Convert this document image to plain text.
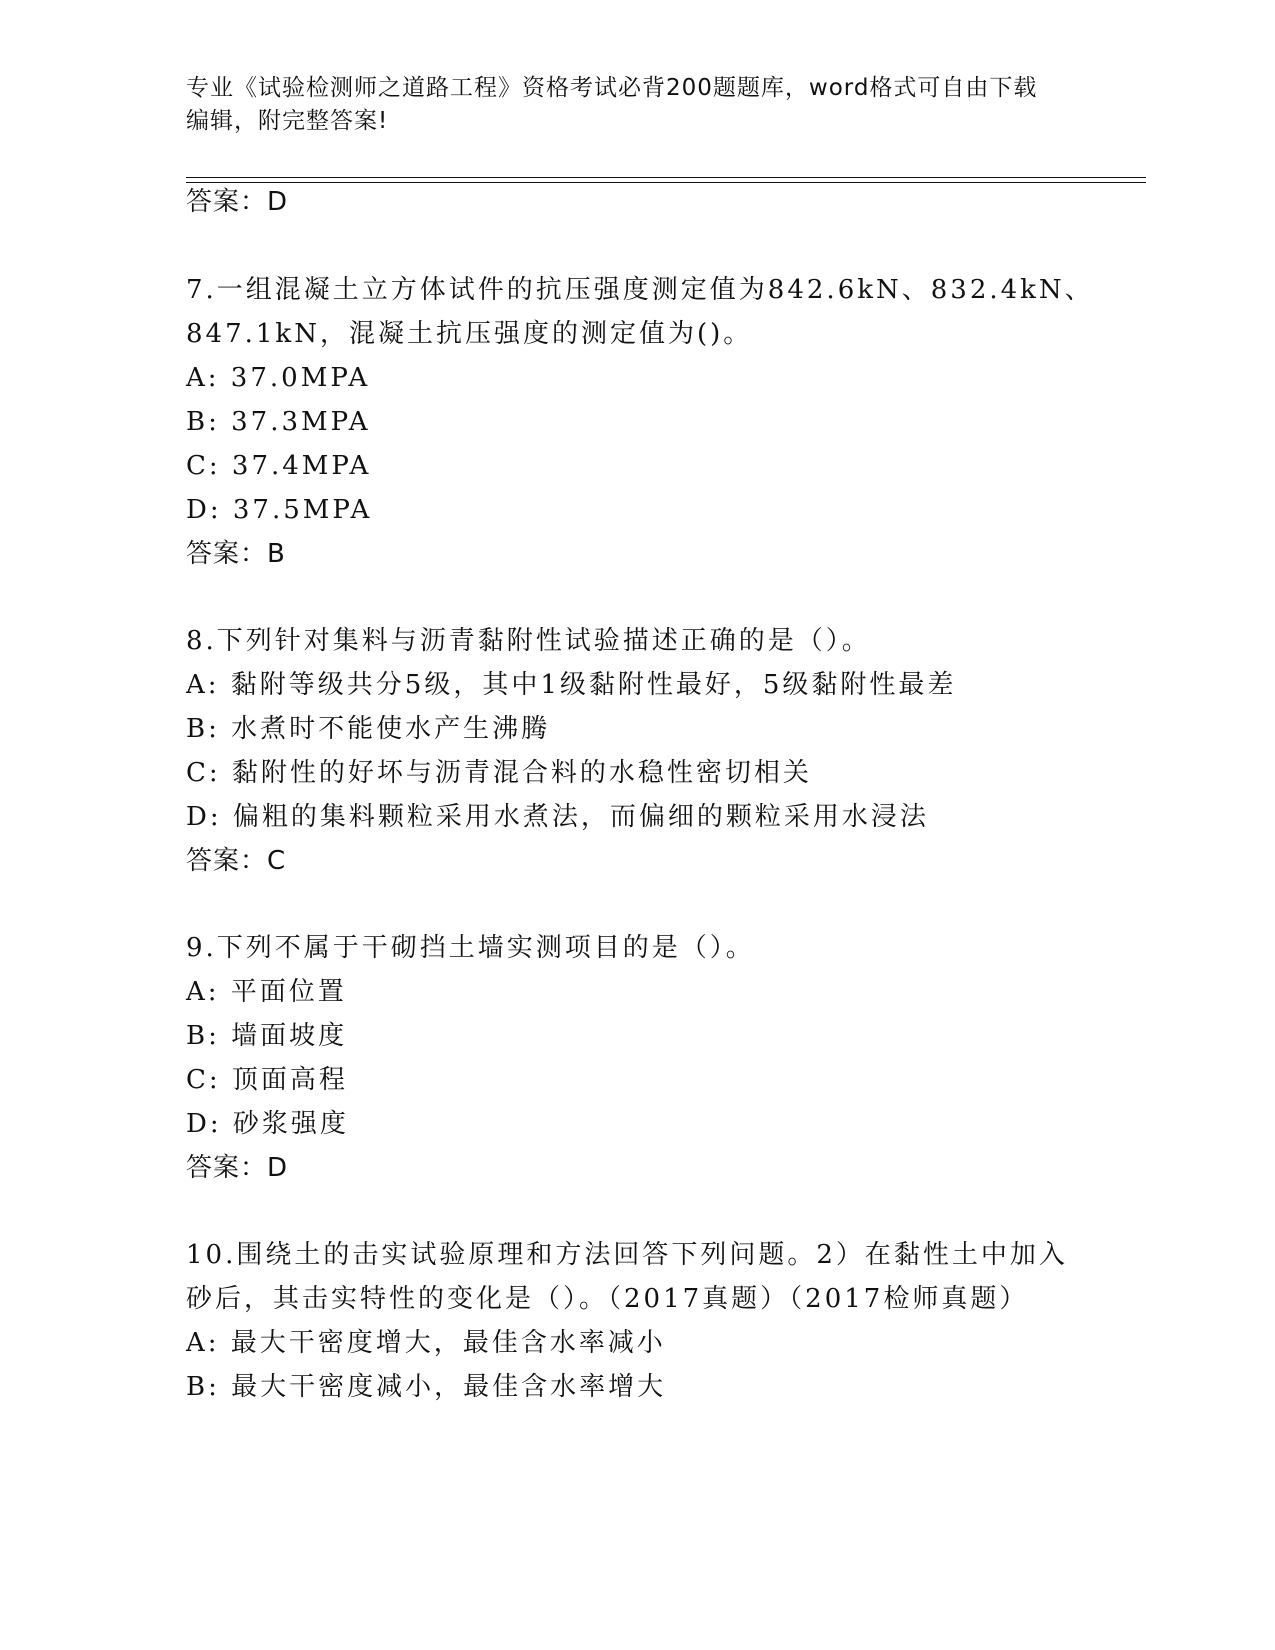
专业《试验检测师之道路工程》资格考试必背200题题库，word格式可自由下载
编辑，附完整答案!
答案：D
7.一组混凝土立方体试件的抗压强度测定值为842.6kN、832.4kN、
847.1kN，混凝土抗压强度的测定值为()。
A: 37.0MPA
B: 37.3MPA
C: 37.4MPA
D: 37.5MPA
答案：B
8.下列针对集料与沥青黏附性试验描述正确的是（）。
A: 黏附等级共分5级，其中1级黏附性最好，5级黏附性最差
B: 水煮时不能使水产生沸腾
C: 黏附性的好坏与沥青混合料的水稳性密切相关
D: 偏粗的集料颗粒采用水煮法，而偏细的颗粒采用水浸法
答案：C
9.下列不属于干砌挡土墙实测项目的是（）。
A: 平面位置
B: 墙面坡度
C: 顶面高程
D: 砂浆强度
答案：D
10.围绕土的击实试验原理和方法回答下列问题。2）在黏性土中加入
砂后，其击实特性的变化是（）。（2017真题）（2017检师真题）
A: 最大干密度增大，最佳含水率减小
B: 最大干密度减小，最佳含水率增大
